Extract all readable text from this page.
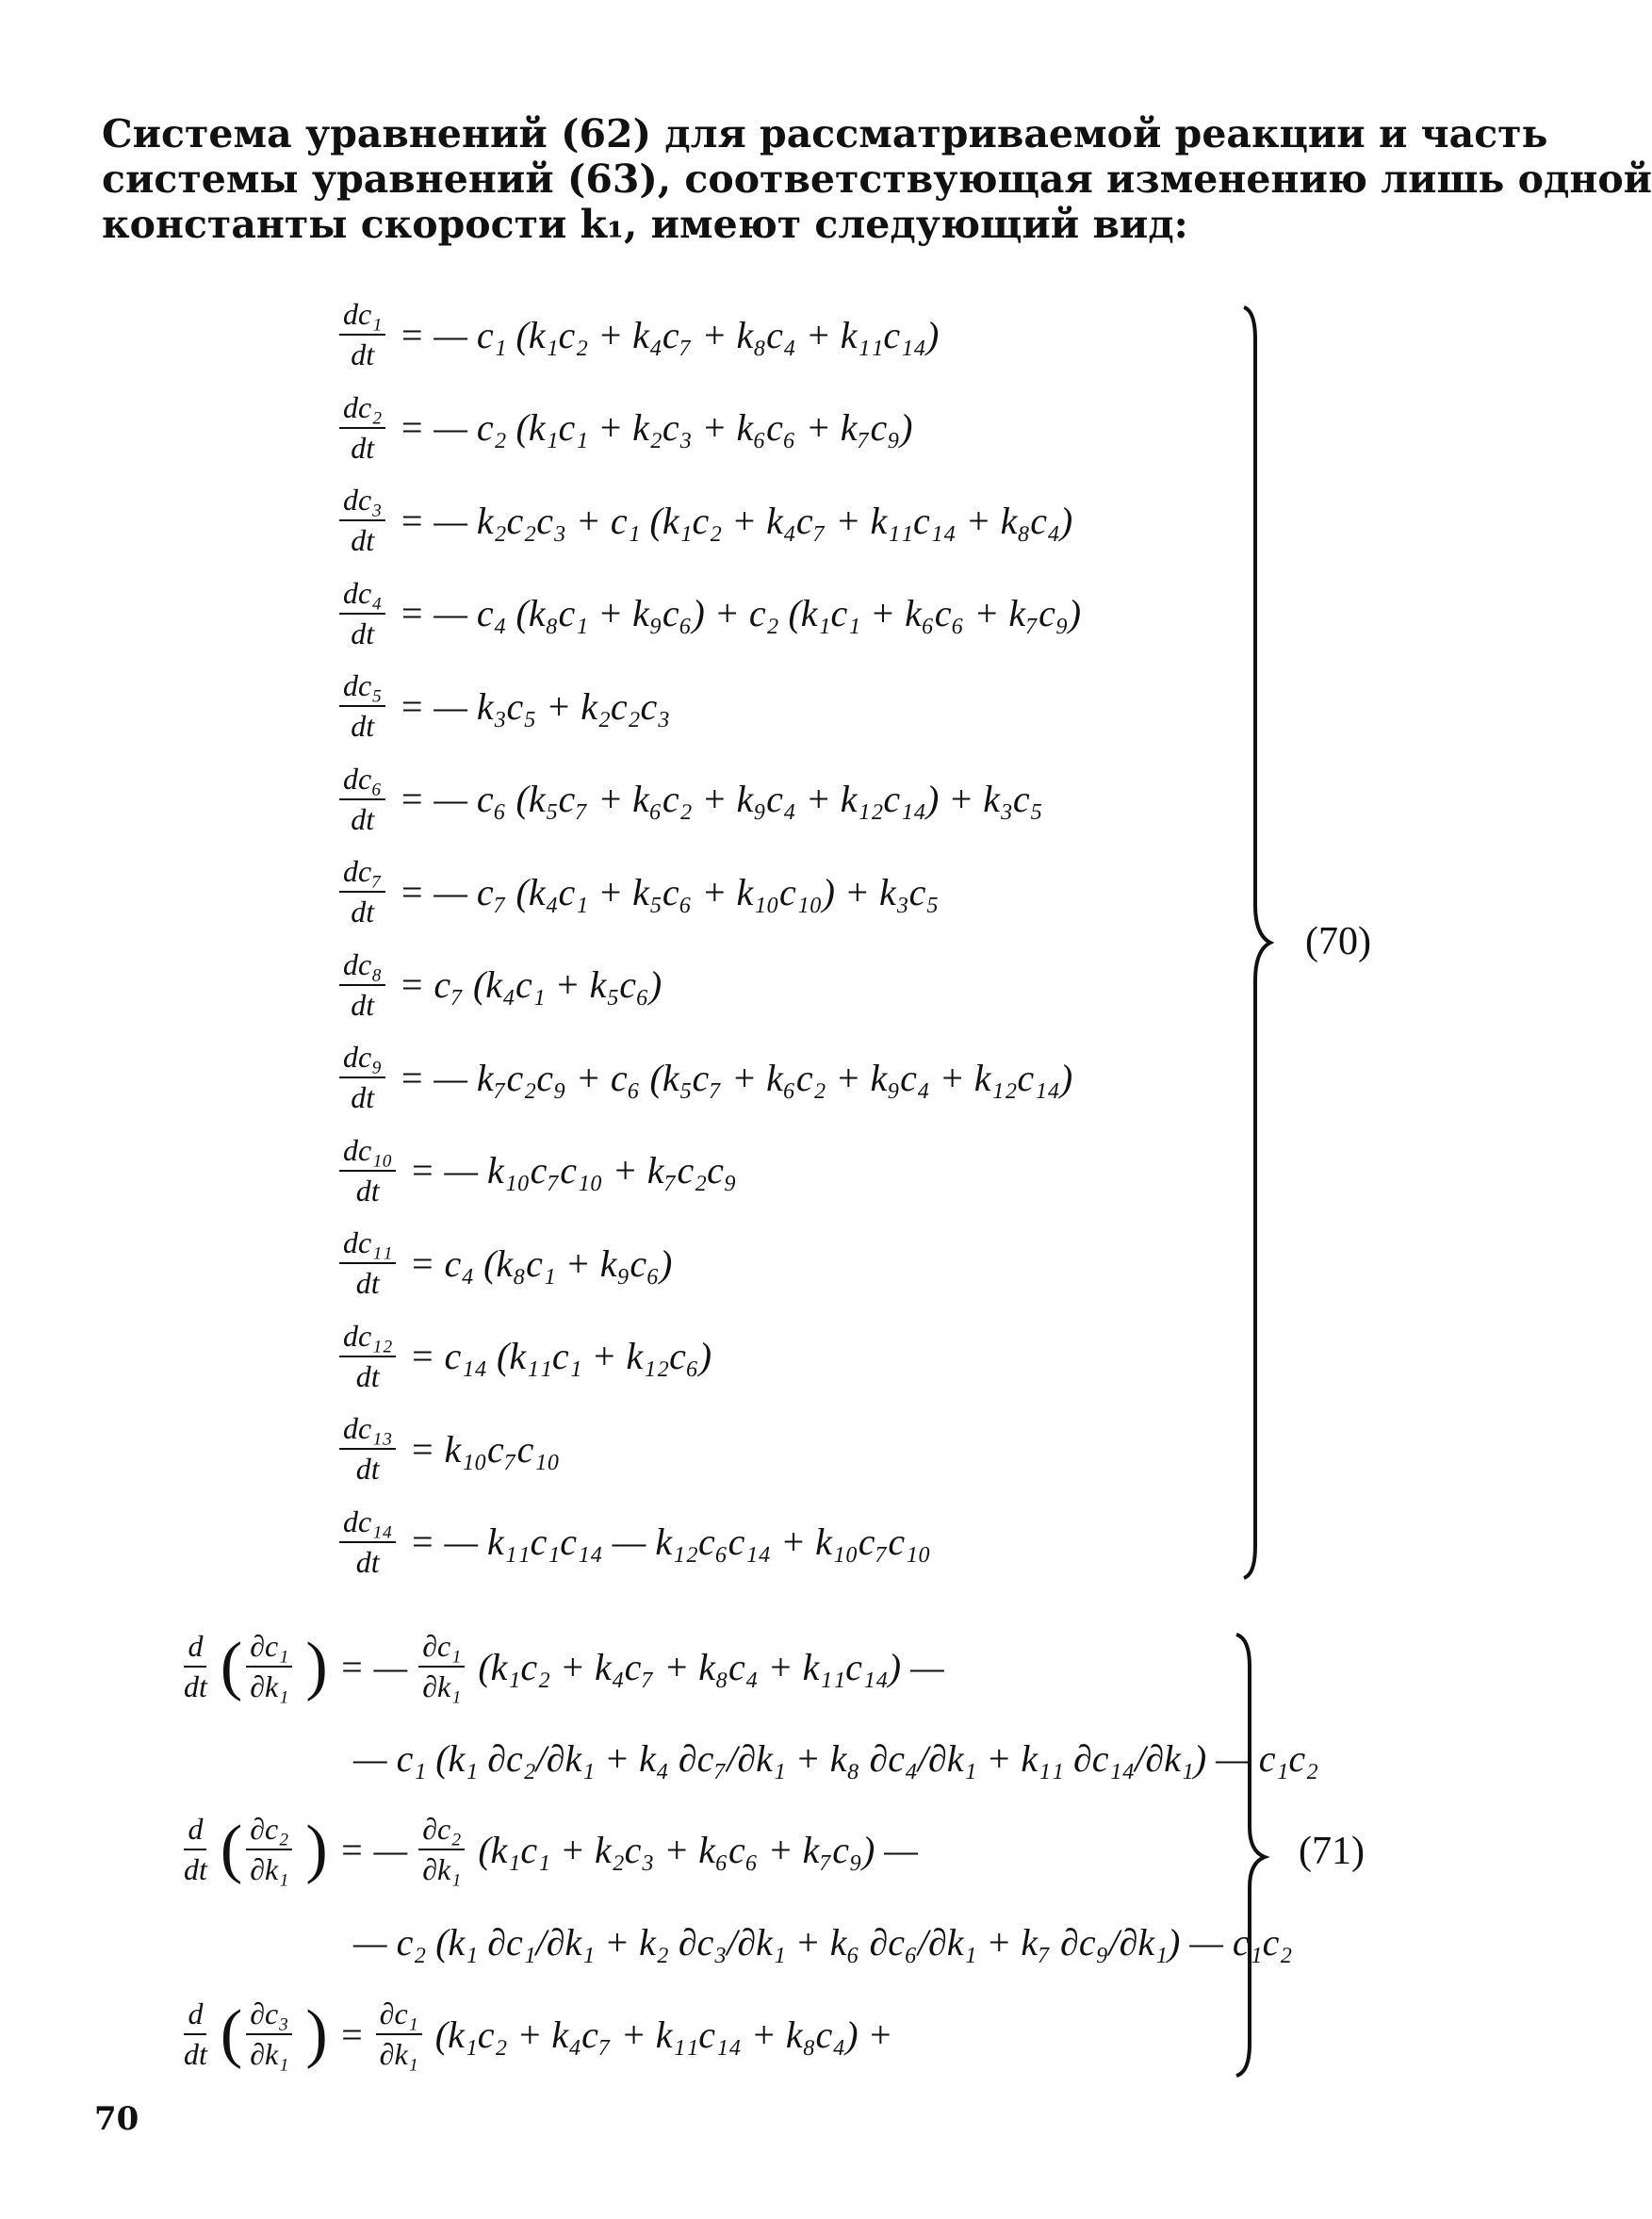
Система уравнений (62) для рассматриваемой реакции и часть
системы уравнений (63), соответствующая изменению лишь одной
константы скорости k₁, имеют следующий вид:
$\frac{\text{dc₁}}{dt}$ = — c₁ (k₁c₂ + k₄c₇ + k₈c₄ + k₁₁c₁₄)
$\frac{\text{dc₂}}{dt}$ = — c₂ (k₁c₁ + k₂c₃ + k₆c₆ + k₇c₉)
$\frac{\text{dc₃}}{dt}$ = — k₂c₂c₃ + c₁ (k₁c₂ + k₄c₇ + k₁₁c₁₄ + k₈c₄)
$\frac{\text{dc₄}}{dt}$ = — c₄ (k₈c₁ + k₉c₆) + c₂ (k₁c₁ + k₆c₆ + k₇c₉)
$\frac{\text{dc₅}}{dt}$ = — k₃c₅ + k₂c₂c₃
$\frac{\text{dc₆}}{dt}$ = — c₆ (k₅c₇ + k₆c₂ + k₉c₄ + k₁₂c₁₄) + k₃c₅
$\frac{\text{dc₇}}{dt}$ = — c₇ (k₄c₁ + k₅c₆ + k₁₀c₁₀) + k₃c₅
$\frac{\text{dc₈}}{dt} = c_7$ (k₄c₁ + k₅c₆)
$\frac{\text{dc₉}}{dt}$ = — k₇c₂c₉ + c₆ (k₅c₇ + k₆c₂ + k₉c₄ + k₁₂c₁₄)
$\frac{\text{dc₁₀}}{dt}$ = — k₁₀c₇c₁₀ + k₇c₂c₉
$\frac{\text{dc₁₁}}{dt} = c_4$ (k₈c₁ + k₉c₆)
$\frac{\text{dc₁₂}}{dt} = c_{14}$ (k₁₁c₁ + k₁₂c₆)
$\frac{\text{dc₁₃}}{dt} = k_{10}c_7c_{10}$
$\frac{\text{dc₁₄}}{dt}$ = — k₁₁c₁c₁₄ — k₁₂c₆c₁₄ + k₁₀c₇c₁₀
(70)
$\frac{d}{dt}$ ( $\frac{\text{∂c₁}}{\text{∂k₁}}$ ) = — $\frac{\text{∂c₁}}{\text{∂k₁}} (k_1c_2 + k_4c_7 + k_8c_4 + k_{11}c_{14})$ —
— c₁ (k₁ ∂c₂/∂k₁ + k₄ ∂c₇/∂k₁ + k₈ ∂c₄/∂k₁ + k₁₁ ∂c₁₄/∂k₁) — c₁c₂
$\frac{d}{dt}$ ( $\frac{\text{∂c₂}}{\text{∂k₁}}$ ) = — $\frac{\text{∂c₂}}{\text{∂k₁}} (k_1c_1 + k_2c_3 + k_6c_6 + k_7c_9)$ —
— c₂ (k₁ ∂c₁/∂k₁ + k₂ ∂c₃/∂k₁ + k₆ ∂c₆/∂k₁ + k₇ ∂c₉/∂k₁) — c₁c₂
$\frac{d}{dt}$ ( $\frac{\text{∂c₃}}{\text{∂k₁}}$ ) = $\frac{\text{∂c₁}}{\text{∂k₁}} (k_1c_2 + k_4c_7 + k_{11}c_{14} + k_8c_4)$ +
(71)
70
